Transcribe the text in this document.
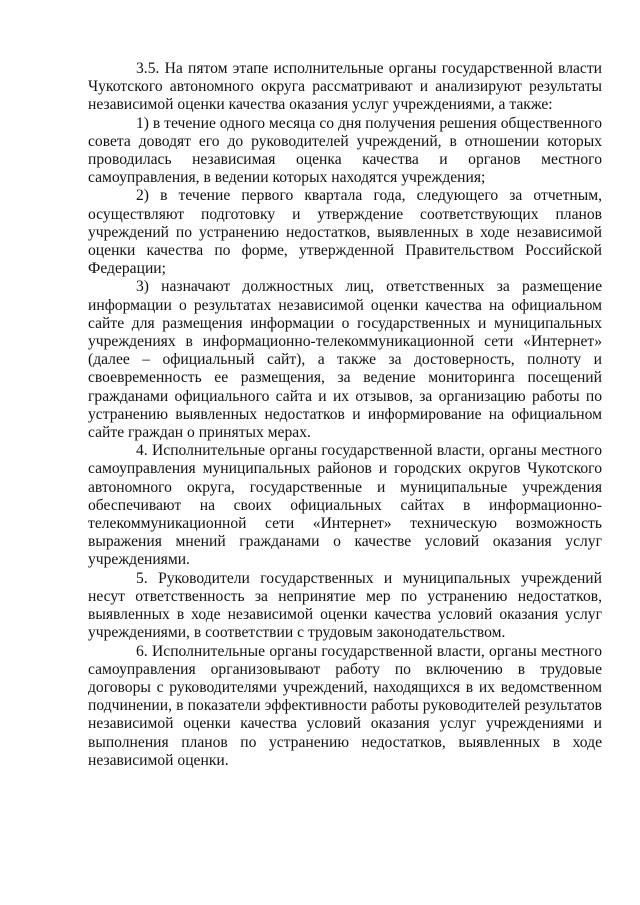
3.5. На пятом этапе исполнительные органы государственной власти Чукотского автономного округа рассматривают и анализируют результаты независимой оценки качества оказания услуг учреждениями, а также:

1) в течение одного месяца со дня получения решения общественного совета доводят его до руководителей учреждений, в отношении которых проводилась независимая оценка качества и органов местного самоуправления, в ведении которых находятся учреждения;

2) в течение первого квартала года, следующего за отчетным, осуществляют подготовку и утверждение соответствующих планов учреждений по устранению недостатков, выявленных в ходе независимой оценки качества по форме, утвержденной Правительством Российской Федерации;

3) назначают должностных лиц, ответственных за размещение информации о результатах независимой оценки качества на официальном сайте для размещения информации о государственных и муниципальных учреждениях в информационно-телекоммуникационной сети «Интернет» (далее – официальный сайт), а также за достоверность, полноту и своевременность ее размещения, за ведение мониторинга посещений гражданами официального сайта и их отзывов, за организацию работы по устранению выявленных недостатков и информирование на официальном сайте граждан о принятых мерах.

4. Исполнительные органы государственной власти, органы местного самоуправления муниципальных районов и городских округов Чукотского автономного округа, государственные и муниципальные учреждения обеспечивают на своих официальных сайтах в информационно-телекоммуникационной сети «Интернет» техническую возможность выражения мнений гражданами о качестве условий оказания услуг учреждениями.

5. Руководители государственных и муниципальных учреждений несут ответственность за непринятие мер по устранению недостатков, выявленных в ходе независимой оценки качества условий оказания услуг учреждениями, в соответствии с трудовым законодательством.

6. Исполнительные органы государственной власти, органы местного самоуправления организовывают работу по включению в трудовые договоры с руководителями учреждений, находящихся в их ведомственном подчинении, в показатели эффективности работы руководителей результатов независимой оценки качества условий оказания услуг учреждениями и выполнения планов по устранению недостатков, выявленных в ходе независимой оценки.
